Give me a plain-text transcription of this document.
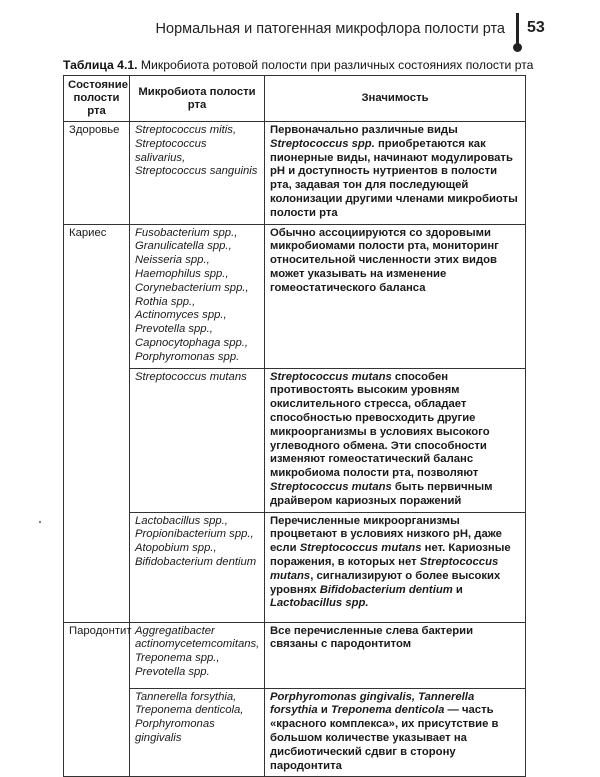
Нормальная и патогенная микрофлора полости рта 53
Таблица 4.1. Микробиота ротовой полости при различных состояниях полости рта
Состояние полости рта	Микробиота полости рта	Значимость
Здоровье	Streptococcus mitis, Streptococcus salivarius, Streptococcus sanguinis	Первоначально различные виды Streptococcus spp. приобретаются как пионерные виды, начинают модулировать pH и доступность нутриентов в полости рта, задавая тон для последующей колонизации другими членами микробиоты полости рта
Кариес	Fusobacterium spp., Granulicatella spp., Neisseria spp., Haemophilus spp., Corynebacterium spp., Rothia spp., Actinomyces spp., Prevotella spp., Capnocytophaga spp., Porphyromonas spp.	Обычно ассоциируются со здоровыми микробиомами полости рта, мониторинг относительной численности этих видов может указывать на изменение гомеостатического баланса
	Streptococcus mutans	Streptococcus mutans способен противостоять высоким уровням окислительного стресса, обладает способностью превосходить другие микроорганизмы в условиях высокого углеводного обмена. Эти способности изменяют гомеостатический баланс микробиома полости рта, позволяют Streptococcus mutans быть первичным драйвером кариозных поражений
	Lactobacillus spp., Propionibacterium spp., Atopobium spp., Bifidobacterium dentium	Перечисленные микроорганизмы процветают в условиях низкого pH, даже если Streptococcus mutans нет. Кариозные поражения, в которых нет Streptococcus mutans, сигнализируют о более высоких уровнях Bifidobacterium dentium и Lactobacillus spp.
Пародонтит	Aggregatibacter actinomycetemcomitans, Treponema spp., Prevotella spp.	Все перечисленные слева бактерии связаны с пародонтитом
	Tannerella forsythia, Treponema denticola, Porphyromonas gingivalis	Porphyromonas gingivalis, Tannerella forsythia и Treponema denticola — часть «красного комплекса», их присутствие в большом количестве указывает на дисбиотический сдвиг в сторону пародонтита
